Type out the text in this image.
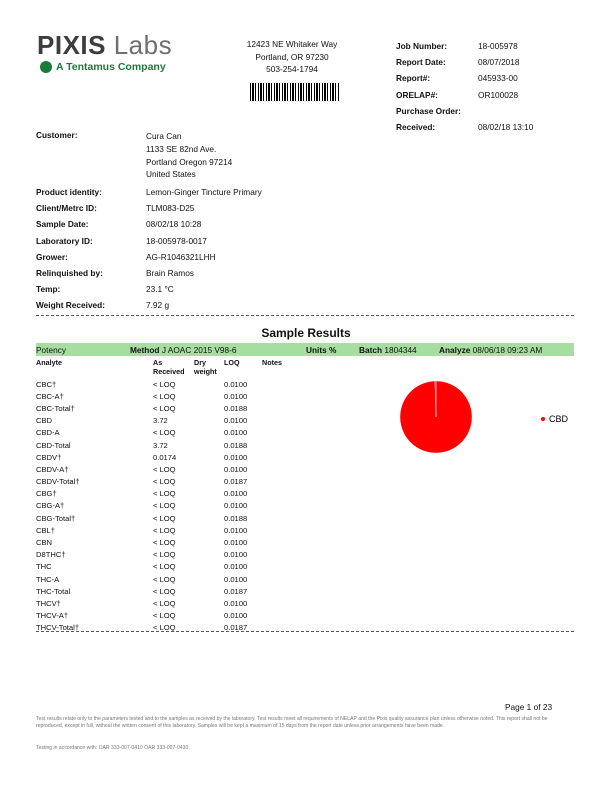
PIXIS Labs
A Tentamus Company
12423 NE Whitaker Way
Portland, OR 97230
503-254-1794
Job Number:	18-005978
Report Date:	08/07/2018
Report#:	045933-00
ORELAP#:	OR100028
Purchase Order:
Received:	08/02/18 13:10
Customer:	Cura Can
1133 SE 82nd Ave.
Portland Oregon 97214
United States
Product identity:	Lemon-Ginger Tincture Primary
Client/Metrc ID:	TLM083-D25
Sample Date:	08/02/18 10:28
Laboratory ID:	18-005978-0017
Grower:	AG-R1046321LHH
Relinquished by:	Brain Ramos
Temp:	23.1 °C
Weight Received:	7.92 g
Sample Results
Potency	Method J AOAC 2015 V98-6	Units %	Batch 1804344	Analyze 08/06/18 09:23 AM
Analyte	As	Dry	LOQ	Notes
Received	weight
CBC†	< LOQ	0.0100
CBC-A†	< LOQ	0.0100
CBC-Total†	< LOQ	0.0188
CBD	3.72	0.0100
CBD-A	< LOQ	0.0100
CBD-Total	3.72	0.0188
CBDV†	0.0174	0.0100
CBDV-A†	< LOQ	0.0100
CBDV-Total†	< LOQ	0.0187
CBG†	< LOQ	0.0100
CBG-A†	< LOQ	0.0100
CBG-Total†	< LOQ	0.0188
CBL†	< LOQ	0.0100
CBN	< LOQ	0.0100
D8THC†	< LOQ	0.0100
THC	< LOQ	0.0100
THC-A	< LOQ	0.0100
THC-Total	< LOQ	0.0187
THCV†	< LOQ	0.0100
THCV-A†	< LOQ	0.0100
THCV-Total†	< LOQ	0.0187
CBD
Page 1 of 23
Test results relate only to the parameters tested and to the samples as received by the laboratory. Test results meet all requirements of NELAP and the Pixis quality assurance plan unless otherwise noted. This report shall not be reproduced, except in full, without the written consent of this laboratory. Samples will be kept a maximum of 15 days from the report date unless prior arrangements have been made.
Testing in accordance with: OAR 333-007-0410 OAR 333-007-0430
